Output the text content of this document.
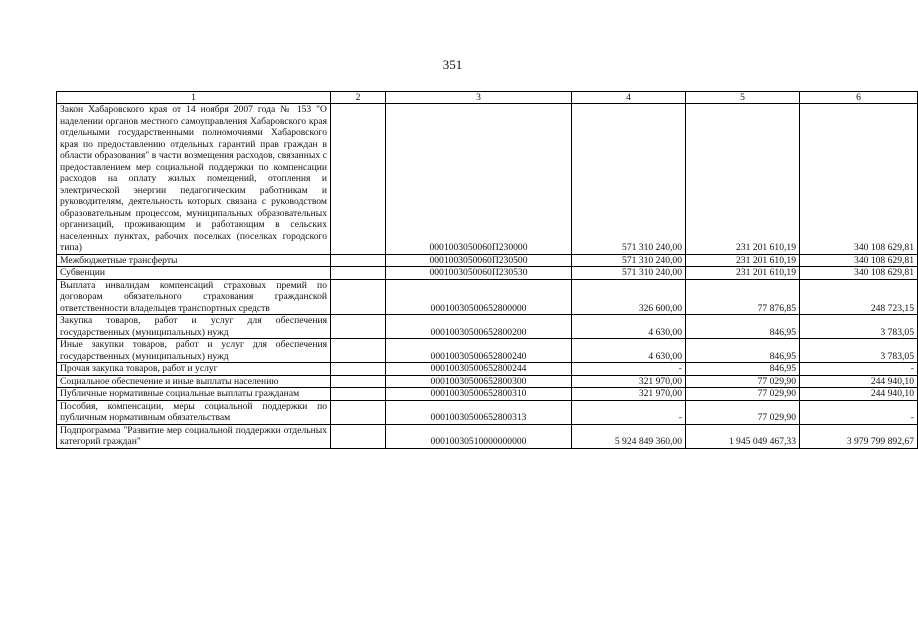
351
1	2	3	4	5	6
Закон Хабаровского края от 14 ноября 2007 года № 153 "О наделении органов местного самоуправления Хабаровского края отдельными государственными полномочиями Хабаровского края по предоставлению отдельных гарантий прав граждан в области образования" в части возмещения расходов, связанных с предоставлением мер социальной поддержки по компенсации расходов на оплату жилых помещений, отопления и электрической энергии педагогическим работникам и руководителям, деятельность которых связана с руководством образовательным процессом, муниципальных образовательных организаций, проживающим и работающим в сельских населенных пунктах, рабочих поселках (поселках городского типа)		0001003050060П230000	571 310 240,00	231 201 610,19	340 108 629,81
Межбюджетные трансферты		0001003050060П230500	571 310 240,00	231 201 610,19	340 108 629,81
Субвенции		0001003050060П230530	571 310 240,00	231 201 610,19	340 108 629,81
Выплата инвалидам компенсаций страховых премий по договорам обязательного страхования гражданской ответственности владельцев транспортных средств		00010030500652800000	326 600,00	77 876,85	248 723,15
Закупка товаров, работ и услуг для обеспечения государственных (муниципальных) нужд		00010030500652800200	4 630,00	846,95	3 783,05
Иные закупки товаров, работ и услуг для обеспечения государственных (муниципальных) нужд		00010030500652800240	4 630,00	846,95	3 783,05
Прочая закупка товаров, работ и услуг		00010030500652800244	-	846,95	-
Социальное обеспечение и иные выплаты населению		00010030500652800300	321 970,00	77 029,90	244 940,10
Публичные нормативные социальные выплаты гражданам		00010030500652800310	321 970,00	77 029,90	244 940,10
Пособия, компенсации, меры социальной поддержки по публичным нормативным обязательствам		00010030500652800313	-	77 029,90	-
Подпрограмма "Развитие мер социальной поддержки отдельных категорий граждан"		00010030510000000000	5 924 849 360,00	1 945 049 467,33	3 979 799 892,67
